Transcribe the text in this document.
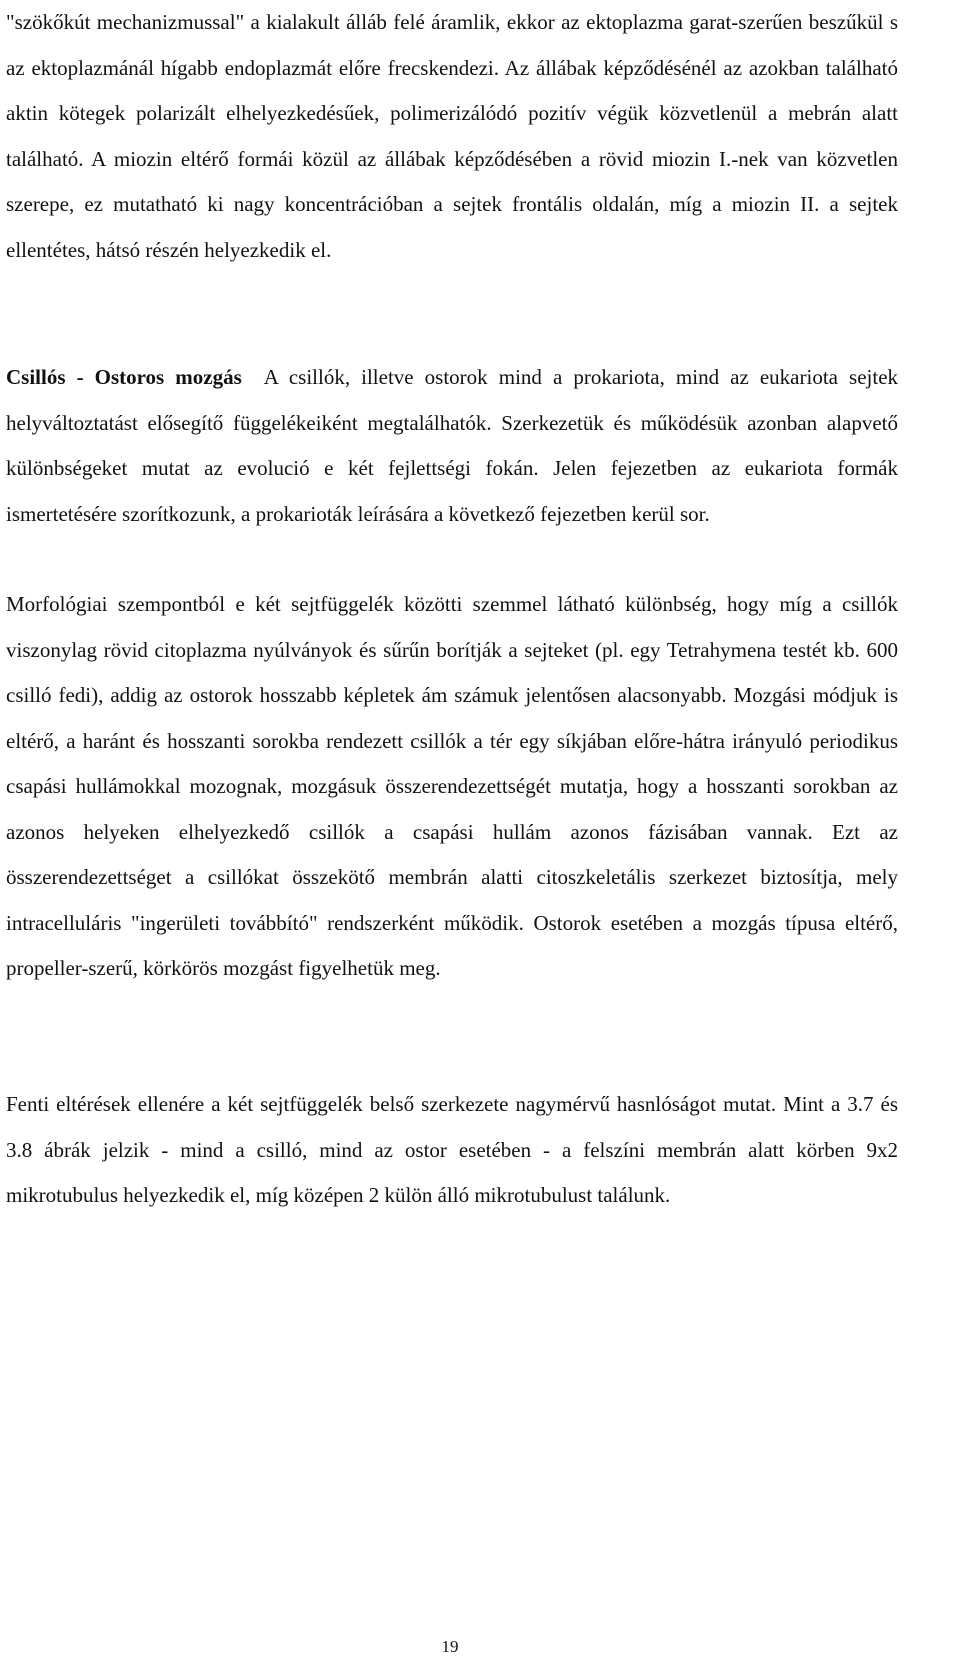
"szökőkút mechanizmussal" a kialakult álláb felé áramlik, ekkor az ektoplazma garat-szerűen beszűkül s az ektoplazmánál hígabb endoplazmát előre frecskendezi. Az állábak képződésénél az azokban található aktin kötegek polarizált elhelyezkedésűek, polimerizálódó pozitív végük közvetlenül a mebrán alatt található. A miozin eltérő formái közül az állábak képződésében a rövid miozin I.-nek van közvetlen szerepe, ez mutatható ki nagy koncentrációban a sejtek frontális oldalán, míg a miozin II. a sejtek ellentétes, hátsó részén helyezkedik el.

Csillós - Ostoros mozgás A csillók, illetve ostorok mind a prokariota, mind az eukariota sejtek helyváltoztatást elősegítő függelékeiként megtalálhatók. Szerkezetük és működésük azonban alapvető különbségeket mutat az evolució e két fejlettségi fokán. Jelen fejezetben az eukariota formák ismertetésére szorítkozunk, a prokarioták leírására a következő fejezetben kerül sor.

Morfológiai szempontból e két sejtfüggelék közötti szemmel látható különbség, hogy míg a csillók viszonylag rövid citoplazma nyúlványok és sűrűn borítják a sejteket (pl. egy Tetrahymena testét kb. 600 csilló fedi), addig az ostorok hosszabb képletek ám számuk jelentősen alacsonyabb. Mozgási módjuk is eltérő, a haránt és hosszanti sorokba rendezett csillók a tér egy síkjában előre-hátra irányuló periodikus csapási hullámokkal mozognak, mozgásuk összerendezettségét mutatja, hogy a hosszanti sorokban az azonos helyeken elhelyezkedő csillók a csapási hullám azonos fázisában vannak. Ezt az összerendezettséget a csillókat összekötő membrán alatti citoszkeletális szerkezet biztosítja, mely intracelluláris "ingerületi továbbító" rendszerként működik. Ostorok esetében a mozgás típusa eltérő, propeller-szerű, körkörös mozgást figyelhetük meg.

Fenti eltérések ellenére a két sejtfüggelék belső szerkezete nagymérvű hasnlóságot mutat. Mint a 3.7 és 3.8 ábrák jelzik - mind a csilló, mind az ostor esetében - a felszíni membrán alatt körben 9x2 mikrotubulus helyezkedik el, míg középen 2 külön álló mikrotubulust találunk.

19
